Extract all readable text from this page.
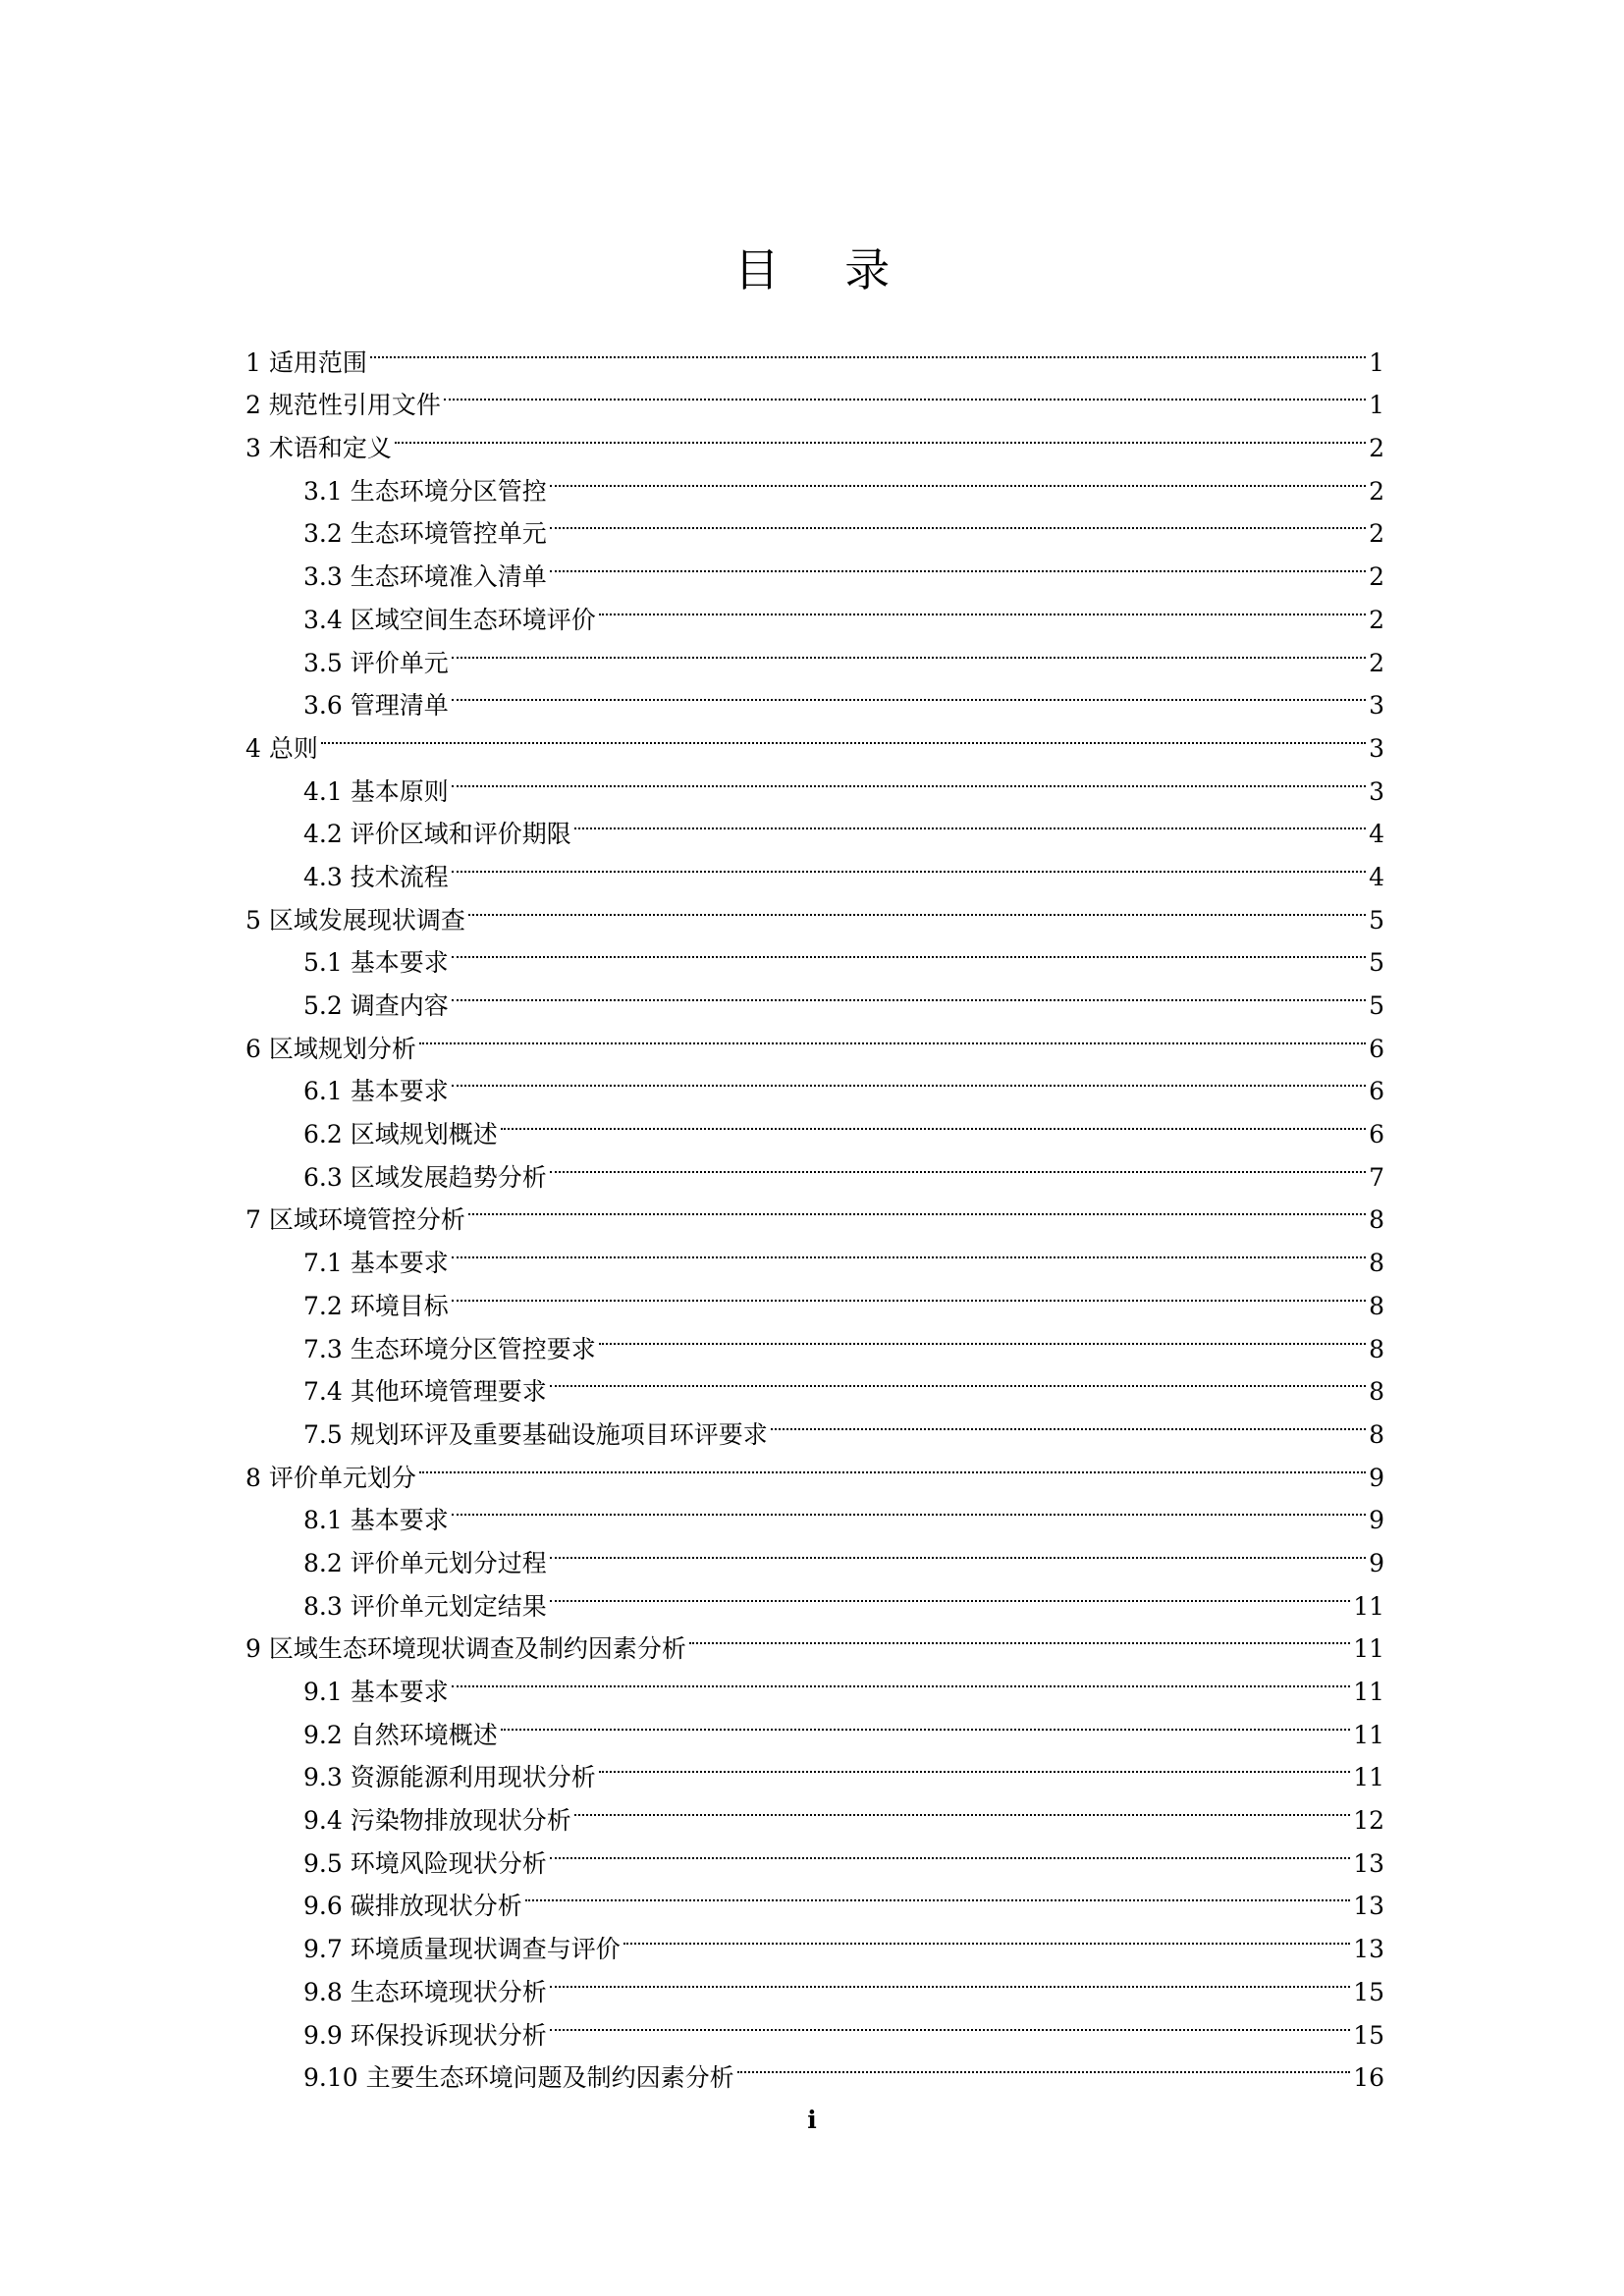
目 录
1 适用范围	1
2 规范性引用文件	1
3 术语和定义	2
3.1 生态环境分区管控	2
3.2 生态环境管控单元	2
3.3 生态环境准入清单	2
3.4 区域空间生态环境评价	2
3.5 评价单元	2
3.6 管理清单	3
4 总则	3
4.1 基本原则	3
4.2 评价区域和评价期限	4
4.3 技术流程	4
5 区域发展现状调查	5
5.1 基本要求	5
5.2 调查内容	5
6 区域规划分析	6
6.1 基本要求	6
6.2 区域规划概述	6
6.3 区域发展趋势分析	7
7 区域环境管控分析	8
7.1 基本要求	8
7.2 环境目标	8
7.3 生态环境分区管控要求	8
7.4 其他环境管理要求	8
7.5 规划环评及重要基础设施项目环评要求	8
8 评价单元划分	9
8.1 基本要求	9
8.2 评价单元划分过程	9
8.3 评价单元划定结果	11
9 区域生态环境现状调查及制约因素分析	11
9.1 基本要求	11
9.2 自然环境概述	11
9.3 资源能源利用现状分析	11
9.4 污染物排放现状分析	12
9.5 环境风险现状分析	13
9.6 碳排放现状分析	13
9.7 环境质量现状调查与评价	13
9.8 生态环境现状分析	15
9.9 环保投诉现状分析	15
9.10 主要生态环境问题及制约因素分析	16
i
